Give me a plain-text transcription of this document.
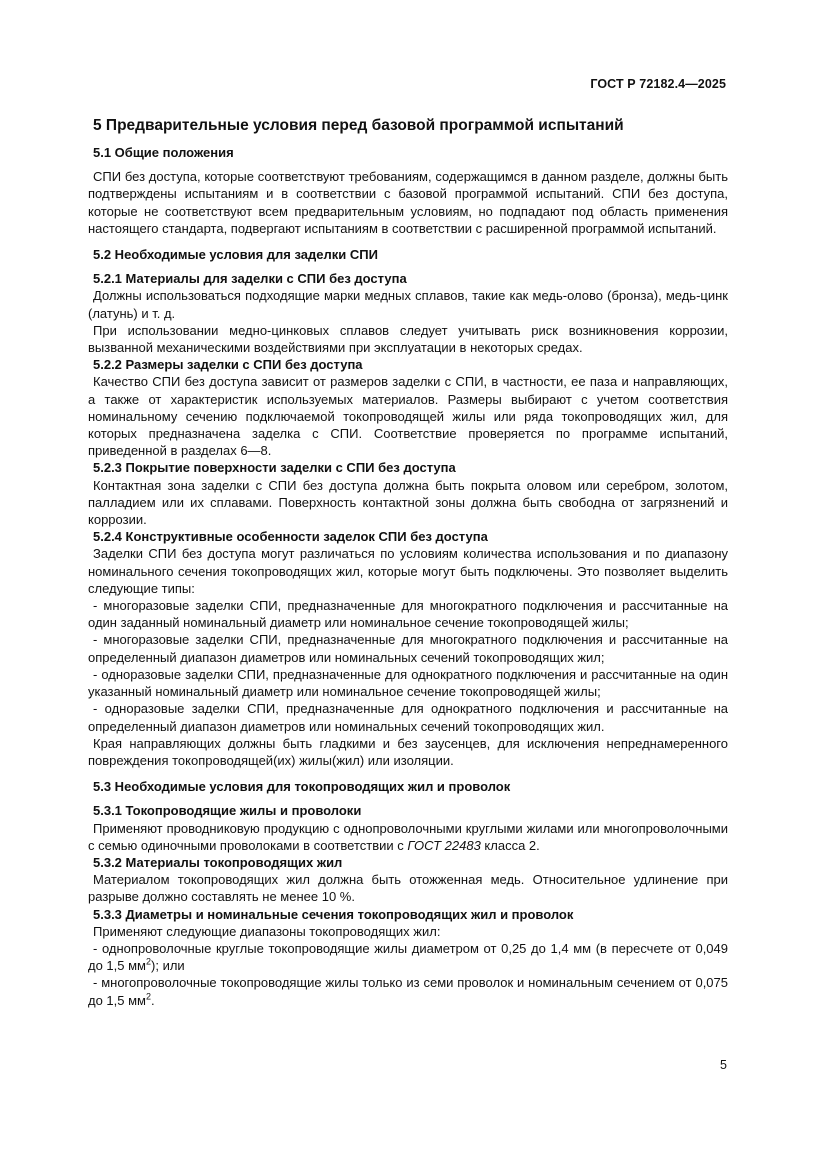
ГОСТ Р 72182.4—2025
5 Предварительные условия перед базовой программой испытаний
5.1 Общие положения

СПИ без доступа, которые соответствуют требованиям, содержащимся в данном разделе, должны быть подтверждены испытаниям и в соответствии с базовой программой испытаний. СПИ без доступа, которые не соответствуют всем предварительным условиям, но подпадают под область применения настоящего стандарта, подвергают испытаниям в соответствии с расширенной программой испытаний.

5.2 Необходимые условия для заделки СПИ
5.2.1 Материалы для заделки с СПИ без доступа

Должны использоваться подходящие марки медных сплавов, такие как медь-олово (бронза), медь-цинк (латунь) и т. д.

При использовании медно-цинковых сплавов следует учитывать риск возникновения коррозии, вызванной механическими воздействиями при эксплуатации в некоторых средах.

5.2.2 Размеры заделки с СПИ без доступа

Качество СПИ без доступа зависит от размеров заделки с СПИ, в частности, ее паза и направляющих, а также от характеристик используемых материалов. Размеры выбирают с учетом соответствия номинальному сечению подключаемой токопроводящей жилы или ряда токопроводящих жил, для которых предназначена заделка с СПИ. Соответствие проверяется по программе испытаний, приведенной в разделах 6—8.

5.2.3 Покрытие поверхности заделки с СПИ без доступа

Контактная зона заделки с СПИ без доступа должна быть покрыта оловом или серебром, золотом, палладием или их сплавами. Поверхность контактной зоны должна быть свободна от загрязнений и коррозии.

5.2.4 Конструктивные особенности заделок СПИ без доступа

Заделки СПИ без доступа могут различаться по условиям количества использования и по диапазону номинального сечения токопроводящих жил, которые могут быть подключены. Это позволяет выделить следующие типы:

- многоразовые заделки СПИ, предназначенные для многократного подключения и рассчитанные на один заданный номинальный диаметр или номинальное сечение токопроводящей жилы;

- многоразовые заделки СПИ, предназначенные для многократного подключения и рассчитанные на определенный диапазон диаметров или номинальных сечений токопроводящих жил;

- одноразовые заделки СПИ, предназначенные для однократного подключения и рассчитанные на один указанный номинальный диаметр или номинальное сечение токопроводящей жилы;

- одноразовые заделки СПИ, предназначенные для однократного подключения и рассчитанные на определенный диапазон диаметров или номинальных сечений токопроводящих жил.

Края направляющих должны быть гладкими и без заусенцев, для исключения непреднамеренного повреждения токопроводящей(их) жилы(жил) или изоляции.

5.3 Необходимые условия для токопроводящих жил и проволок
5.3.1 Токопроводящие жилы и проволоки

Применяют проводниковую продукцию с однопроволочными круглыми жилами или многопроволочными с семью одиночными проволоками в соответствии с ГОСТ 22483 класса 2.

5.3.2 Материалы токопроводящих жил

Материалом токопроводящих жил должна быть отожженная медь. Относительное удлинение при разрыве должно составлять не менее 10 %.

5.3.3 Диаметры и номинальные сечения токопроводящих жил и проволок

Применяют следующие диапазоны токопроводящих жил:

- однопроволочные круглые токопроводящие жилы диаметром от 0,25 до 1,4 мм (в пересчете от 0,049 до 1,5 $мм^2$); или

- многопроволочные токопроводящие жилы только из семи проволок и номинальным сечением от 0,075 до 1,5 $мм^2$.

5
